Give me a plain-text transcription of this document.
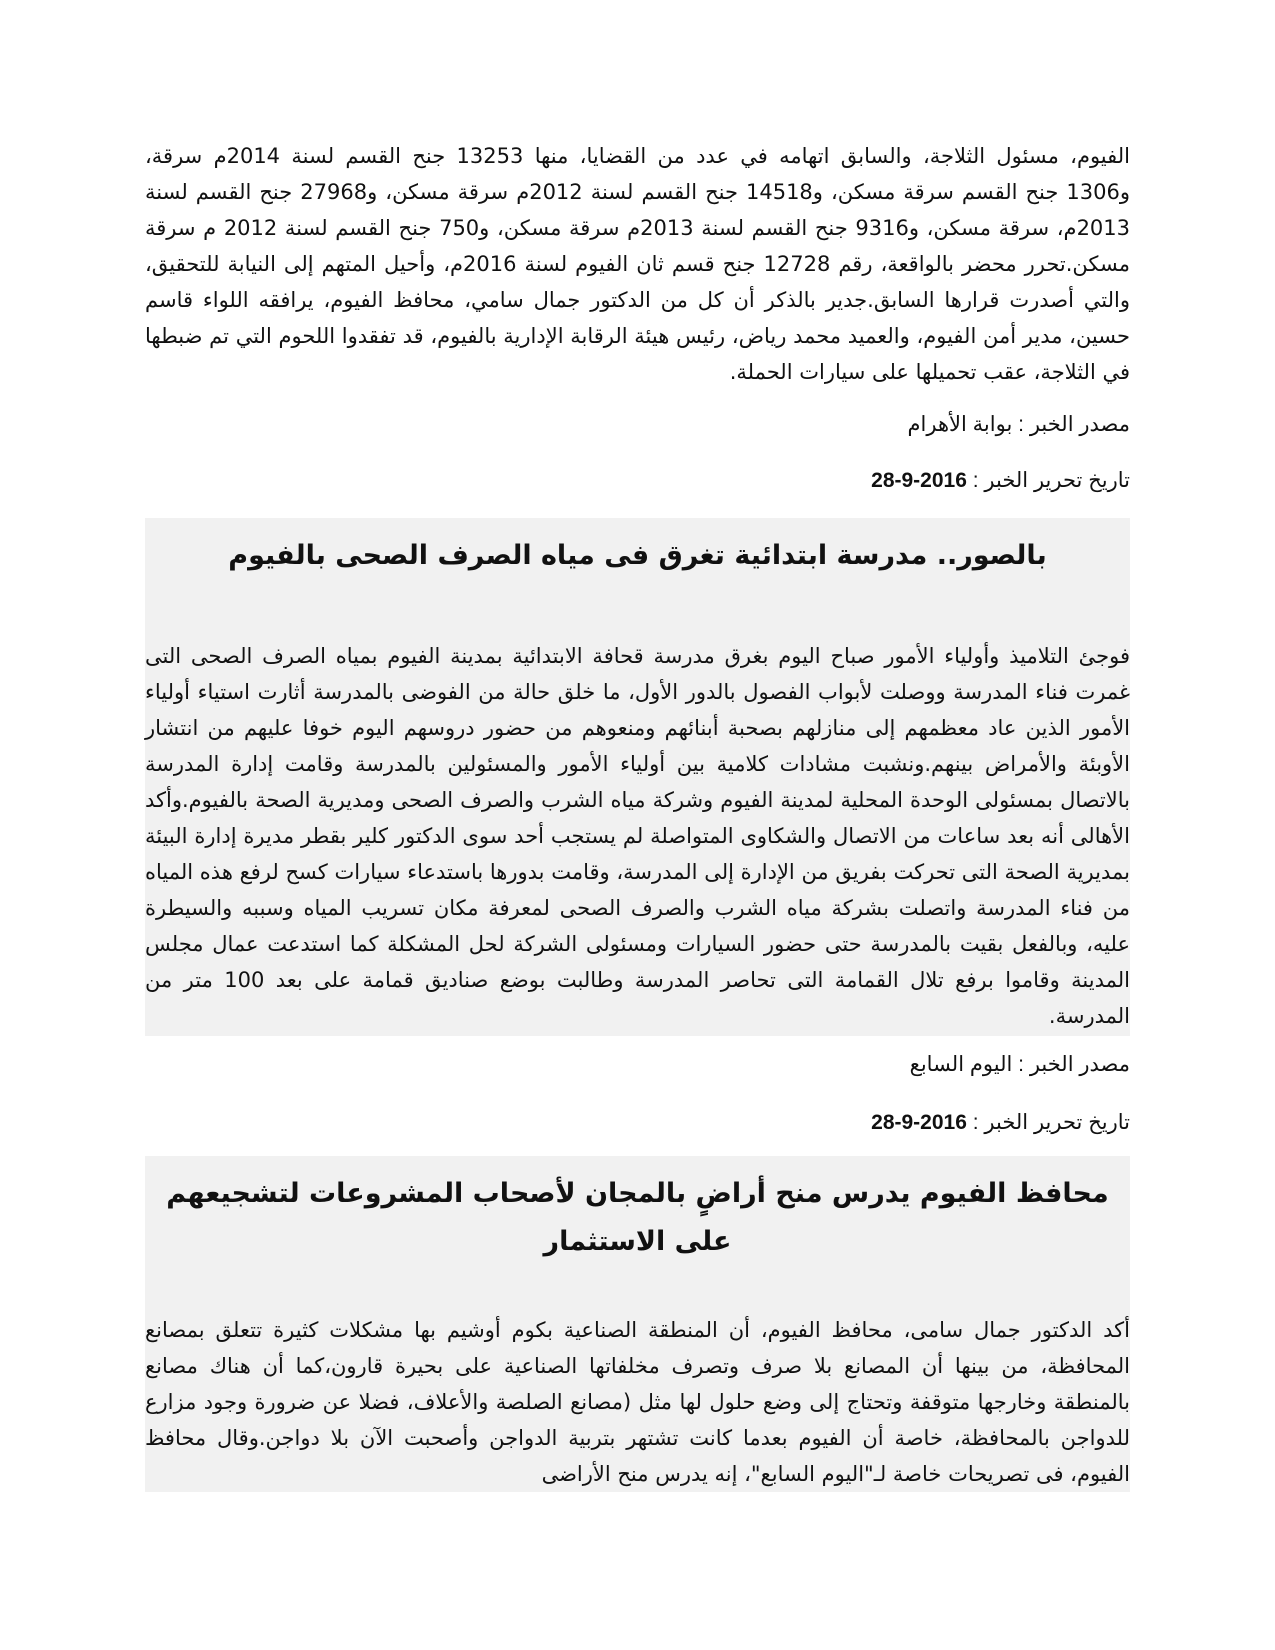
الفيوم، مسئول الثلاجة، والسابق اتهامه في عدد من القضايا، منها 13253 جنح القسم لسنة 2014م سرقة، و1306 جنح القسم سرقة مسكن، و14518 جنح القسم لسنة 2012م سرقة مسكن، و27968 جنح القسم لسنة 2013م، سرقة مسكن، و9316 جنح القسم لسنة 2013م سرقة مسكن، و750 جنح القسم لسنة 2012 م سرقة مسكن.تحرر محضر بالواقعة، رقم 12728 جنح قسم ثان الفيوم لسنة 2016م، وأحيل المتهم إلى النيابة للتحقيق، والتي أصدرت قرارها السابق.جدير بالذكر أن كل من الدكتور جمال سامي، محافظ الفيوم، يرافقه اللواء قاسم حسين، مدير أمن الفيوم، والعميد محمد رياض، رئيس هيئة الرقابة الإدارية بالفيوم، قد تفقدوا اللحوم التي تم ضبطها في الثلاجة، عقب تحميلها على سيارات الحملة.

مصدر الخبر : بوابة الأهرام

تاريخ تحرير الخبر : 28-9-2016

بالصور.. مدرسة ابتدائية تغرق فى مياه الصرف الصحى بالفيوم

فوجئ التلاميذ وأولياء الأمور صباح اليوم بغرق مدرسة قحافة الابتدائية بمدينة الفيوم بمياه الصرف الصحى التى غمرت فناء المدرسة ووصلت لأبواب الفصول بالدور الأول، ما خلق حالة من الفوضى بالمدرسة أثارت استياء أولياء الأمور الذين عاد معظمهم إلى منازلهم بصحبة أبنائهم ومنعوهم من حضور دروسهم اليوم خوفا عليهم من انتشار الأوبئة والأمراض بينهم.ونشبت مشادات كلامية بين أولياء الأمور والمسئولين بالمدرسة وقامت إدارة المدرسة بالاتصال بمسئولى الوحدة المحلية لمدينة الفيوم وشركة مياه الشرب والصرف الصحى ومديرية الصحة بالفيوم.وأكد الأهالى أنه بعد ساعات من الاتصال والشكاوى المتواصلة لم يستجب أحد سوى الدكتور كلير بقطر مديرة إدارة البيئة بمديرية الصحة التى تحركت بفريق من الإدارة إلى المدرسة، وقامت بدورها باستدعاء سيارات كسح لرفع هذه المياه من فناء المدرسة واتصلت بشركة مياه الشرب والصرف الصحى لمعرفة مكان تسريب المياه وسببه والسيطرة عليه، وبالفعل بقيت بالمدرسة حتى حضور السيارات ومسئولى الشركة لحل المشكلة كما استدعت عمال مجلس المدينة وقاموا برفع تلال القمامة التى تحاصر المدرسة وطالبت بوضع صناديق قمامة على بعد 100 متر من المدرسة.

مصدر الخبر : اليوم السابع

تاريخ تحرير الخبر : 28-9-2016

محافظ الفيوم يدرس منح أراضٍ بالمجان لأصحاب المشروعات لتشجيعهم على الاستثمار

أكد الدكتور جمال سامى، محافظ الفيوم، أن المنطقة الصناعية بكوم أوشيم بها مشكلات كثيرة تتعلق بمصانع المحافظة، من بينها أن المصانع بلا صرف وتصرف مخلفاتها الصناعية على بحيرة قارون،كما أن هناك مصانع بالمنطقة وخارجها متوقفة وتحتاج إلى وضع حلول لها مثل (مصانع الصلصة والأعلاف، فضلا عن ضرورة وجود مزارع للدواجن بالمحافظة، خاصة أن الفيوم بعدما كانت تشتهر بتربية الدواجن وأصحبت الآن بلا دواجن.وقال محافظ الفيوم، فى تصريحات خاصة لـ"اليوم السابع"، إنه يدرس منح الأراضى
